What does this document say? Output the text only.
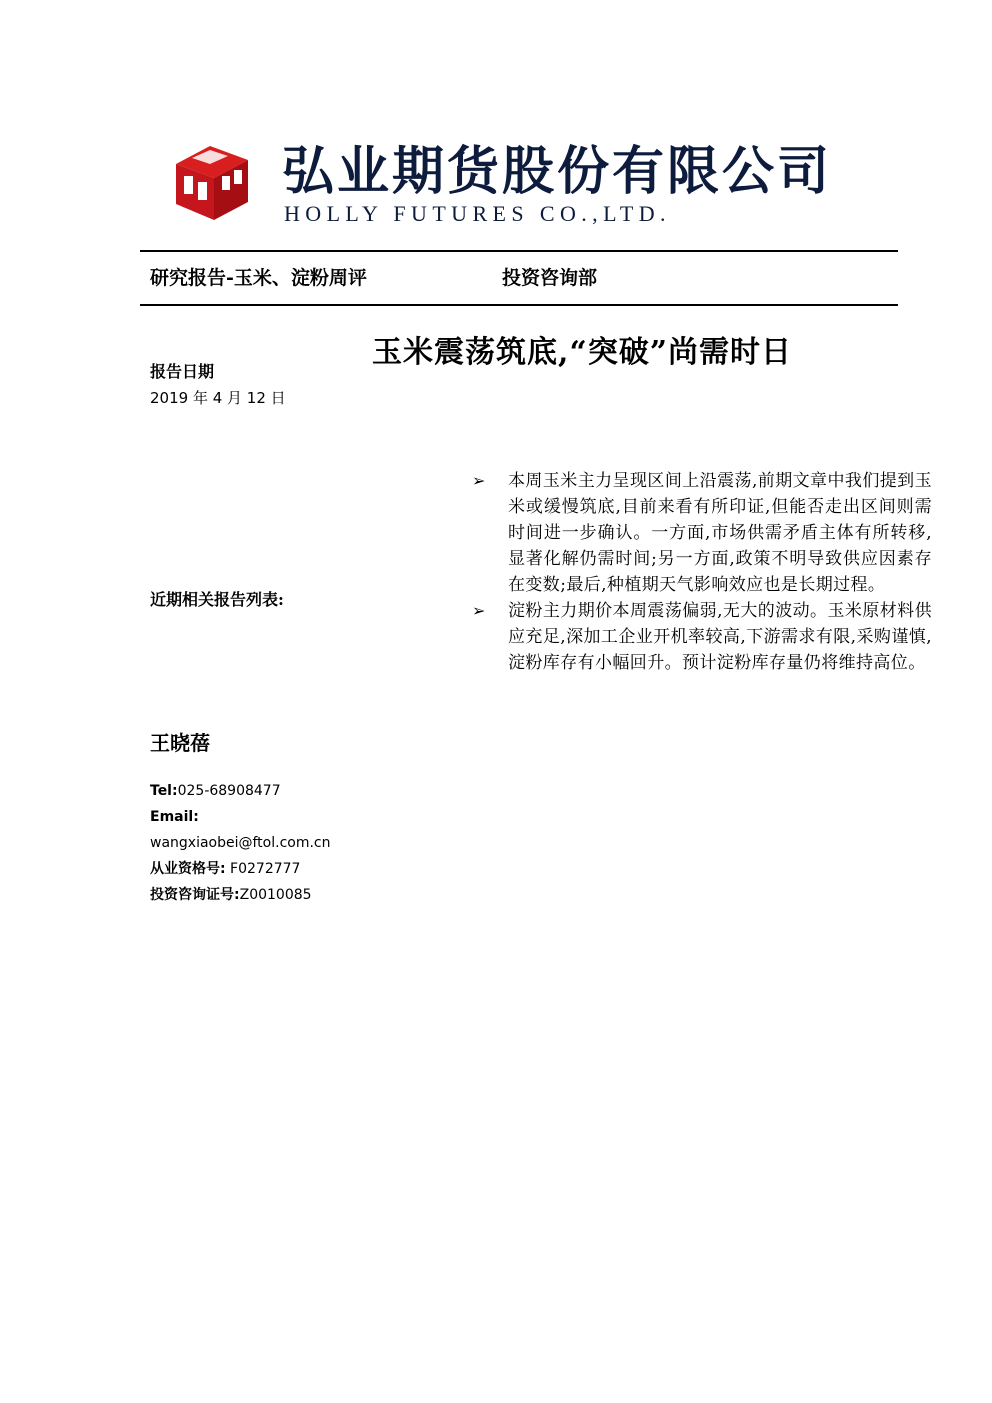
弘业期货股份有限公司
HOLLY FUTURES CO.,LTD.
研究报告-玉米、淀粉周评	投资咨询部
玉米震荡筑底,“突破”尚需时日
报告日期
2019 年 4 月 12 日
近期相关报告列表:
➢ 本周玉米主力呈现区间上沿震荡,前期文章中我们提到玉米或缓慢筑底,目前来看有所印证,但能否走出区间则需时间进一步确认。一方面,市场供需矛盾主体有所转移,显著化解仍需时间;另一方面,政策不明导致供应因素存在变数;最后,种植期天气影响效应也是长期过程。
➢ 淀粉主力期价本周震荡偏弱,无大的波动。玉米原材料供应充足,深加工企业开机率较高,下游需求有限,采购谨慎,淀粉库存有小幅回升。预计淀粉库存量仍将维持高位。
王晓蓓
Tel:025-68908477
Email:
wangxiaobei@ftol.com.cn
从业资格号: F0272777
投资咨询证号:Z0010085
